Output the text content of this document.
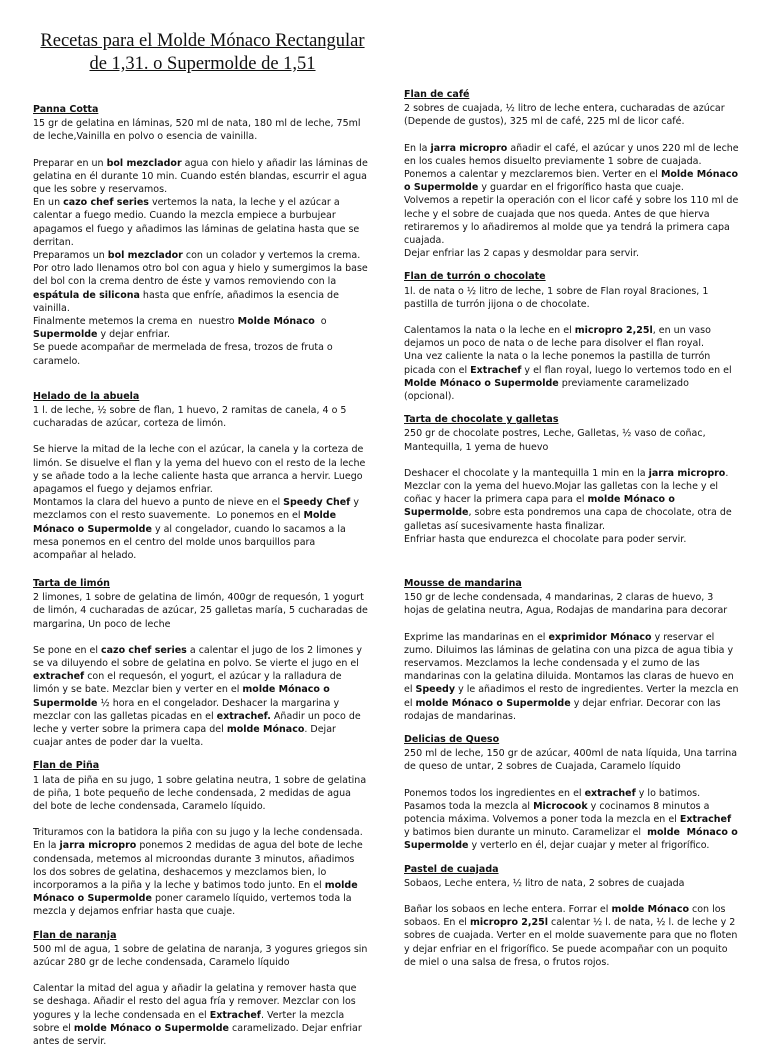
Recetas para el Molde Mónaco Rectangular
de 1,31. o Supermolde de 1,51
Panna Cotta
15 gr de gelatina en láminas, 520 ml de nata, 180 ml de leche, 75ml de leche,Vainilla en polvo o esencia de vainilla.
Preparar en un bol mezclador agua con hielo y añadir las láminas de gelatina en él durante 10 min. Cuando estén blandas, escurrir el agua que les sobre y reservamos.
En un cazo chef series vertemos la nata, la leche y el azúcar a calentar a fuego medio. Cuando la mezcla empiece a burbujear apagamos el fuego y añadimos las láminas de gelatina hasta que se derritan.
Preparamos un bol mezclador con un colador y vertemos la crema.
Por otro lado llenamos otro bol con agua y hielo y sumergimos la base del bol con la crema dentro de éste y vamos removiendo con la espátula de silicona hasta que enfríe, añadimos la esencia de vainilla.
Finalmente metemos la crema en  nuestro Molde Mónaco  o Supermolde y dejar enfriar.
Se puede acompañar de mermelada de fresa, trozos de fruta o caramelo.
Helado de la abuela
1 l. de leche, ½ sobre de flan, 1 huevo, 2 ramitas de canela, 4 o 5 cucharadas de azúcar, corteza de limón.
Se hierve la mitad de la leche con el azúcar, la canela y la corteza de limón. Se disuelve el flan y la yema del huevo con el resto de la leche y se añade todo a la leche caliente hasta que arranca a hervir. Luego apagamos el fuego y dejamos enfriar.
Montamos la clara del huevo a punto de nieve en el Speedy Chef y mezclamos con el resto suavemente.  Lo ponemos en el Molde Mónaco o Supermolde y al congelador, cuando lo sacamos a la mesa ponemos en el centro del molde unos barquillos para acompañar al helado.
Flan de café
2 sobres de cuajada, ½ litro de leche entera, cucharadas de azúcar (Depende de gustos), 325 ml de café, 225 ml de licor café.
En la jarra micropro añadir el café, el azúcar y unos 220 ml de leche en los cuales hemos disuelto previamente 1 sobre de cuajada. Ponemos a calentar y mezclaremos bien. Verter en el Molde Mónaco o Supermolde y guardar en el frigorífico hasta que cuaje.
Volvemos a repetir la operación con el licor café y sobre los 110 ml de leche y el sobre de cuajada que nos queda. Antes de que hierva retiraremos y lo añadiremos al molde que ya tendrá la primera capa cuajada.
Dejar enfriar las 2 capas y desmoldar para servir.
Flan de turrón o chocolate
1l. de nata o ½ litro de leche, 1 sobre de Flan royal 8raciones, 1 pastilla de turrón jijona o de chocolate.
Calentamos la nata o la leche en el micropro 2,25l, en un vaso dejamos un poco de nata o de leche para disolver el flan royal.
Una vez caliente la nata o la leche ponemos la pastilla de turrón picada con el Extrachef y el flan royal, luego lo vertemos todo en el Molde Mónaco o Supermolde previamente caramelizado (opcional).
Tarta de chocolate y galletas
250 gr de chocolate postres, Leche, Galletas, ½ vaso de coñac, Mantequilla, 1 yema de huevo
Deshacer el chocolate y la mantequilla 1 min en la jarra micropro. Mezclar con la yema del huevo.Mojar las galletas con la leche y el coñac y hacer la primera capa para el molde Mónaco o Supermolde, sobre esta pondremos una capa de chocolate, otra de galletas así sucesivamente hasta finalizar.
Enfriar hasta que endurezca el chocolate para poder servir.
Tarta de limón
2 limones, 1 sobre de gelatina de limón, 400gr de requesón, 1 yogurt de limón, 4 cucharadas de azúcar, 25 galletas maría, 5 cucharadas de margarina, Un poco de leche
Se pone en el cazo chef series a calentar el jugo de los 2 limones y se va diluyendo el sobre de gelatina en polvo. Se vierte el jugo en el extrachef con el requesón, el yogurt, el azúcar y la ralladura de limón y se bate. Mezclar bien y verter en el molde Mónaco o Supermolde ½ hora en el congelador. Deshacer la margarina y mezclar con las galletas picadas en el extrachef. Añadir un poco de leche y verter sobre la primera capa del molde Mónaco. Dejar cuajar antes de poder dar la vuelta.
Flan de Piña
1 lata de piña en su jugo, 1 sobre gelatina neutra, 1 sobre de gelatina de piña, 1 bote pequeño de leche condensada, 2 medidas de agua del bote de leche condensada, Caramelo líquido.
Trituramos con la batidora la piña con su jugo y la leche condensada.
En la jarra micropro ponemos 2 medidas de agua del bote de leche condensada, metemos al microondas durante 3 minutos, añadimos los dos sobres de gelatina, deshacemos y mezclamos bien, lo incorporamos a la piña y la leche y batimos todo junto. En el molde Mónaco o Supermolde poner caramelo líquido, vertemos toda la mezcla y dejamos enfriar hasta que cuaje.
Flan de naranja
500 ml de agua, 1 sobre de gelatina de naranja, 3 yogures griegos sin azúcar 280 gr de leche condensada, Caramelo líquido
Calentar la mitad del agua y añadir la gelatina y remover hasta que se deshaga. Añadir el resto del agua fría y remover. Mezclar con los yogures y la leche condensada en el Extrachef. Verter la mezcla sobre el molde Mónaco o Supermolde caramelizado. Dejar enfriar antes de servir.
Mousse de mandarina
150 gr de leche condensada, 4 mandarinas, 2 claras de huevo, 3 hojas de gelatina neutra, Agua, Rodajas de mandarina para decorar
Exprime las mandarinas en el exprimidor Mónaco y reservar el zumo. Diluimos las láminas de gelatina con una pizca de agua tibia y reservamos. Mezclamos la leche condensada y el zumo de las mandarinas con la gelatina diluida. Montamos las claras de huevo en el Speedy y le añadimos el resto de ingredientes. Verter la mezcla en el molde Mónaco o Supermolde y dejar enfriar. Decorar con las rodajas de mandarinas.
Delicias de Queso
250 ml de leche, 150 gr de azúcar, 400ml de nata líquida, Una tarrina de queso de untar, 2 sobres de Cuajada, Caramelo líquido
Ponemos todos los ingredientes en el extrachef y lo batimos. Pasamos toda la mezcla al Microcook y cocinamos 8 minutos a potencia máxima. Volvemos a poner toda la mezcla en el Extrachef y batimos bien durante un minuto. Caramelizar el  molde  Mónaco o Supermolde y verterlo en él, dejar cuajar y meter al frigorífico.
Pastel de cuajada
Sobaos, Leche entera, ½ litro de nata, 2 sobres de cuajada
Bañar los sobaos en leche entera. Forrar el molde Mónaco con los sobaos. En el micropro 2,25l calentar ½ l. de nata, ½ l. de leche y 2 sobres de cuajada. Verter en el molde suavemente para que no floten y dejar enfriar en el frigorífico. Se puede acompañar con un poquito de miel o una salsa de fresa, o frutos rojos.
